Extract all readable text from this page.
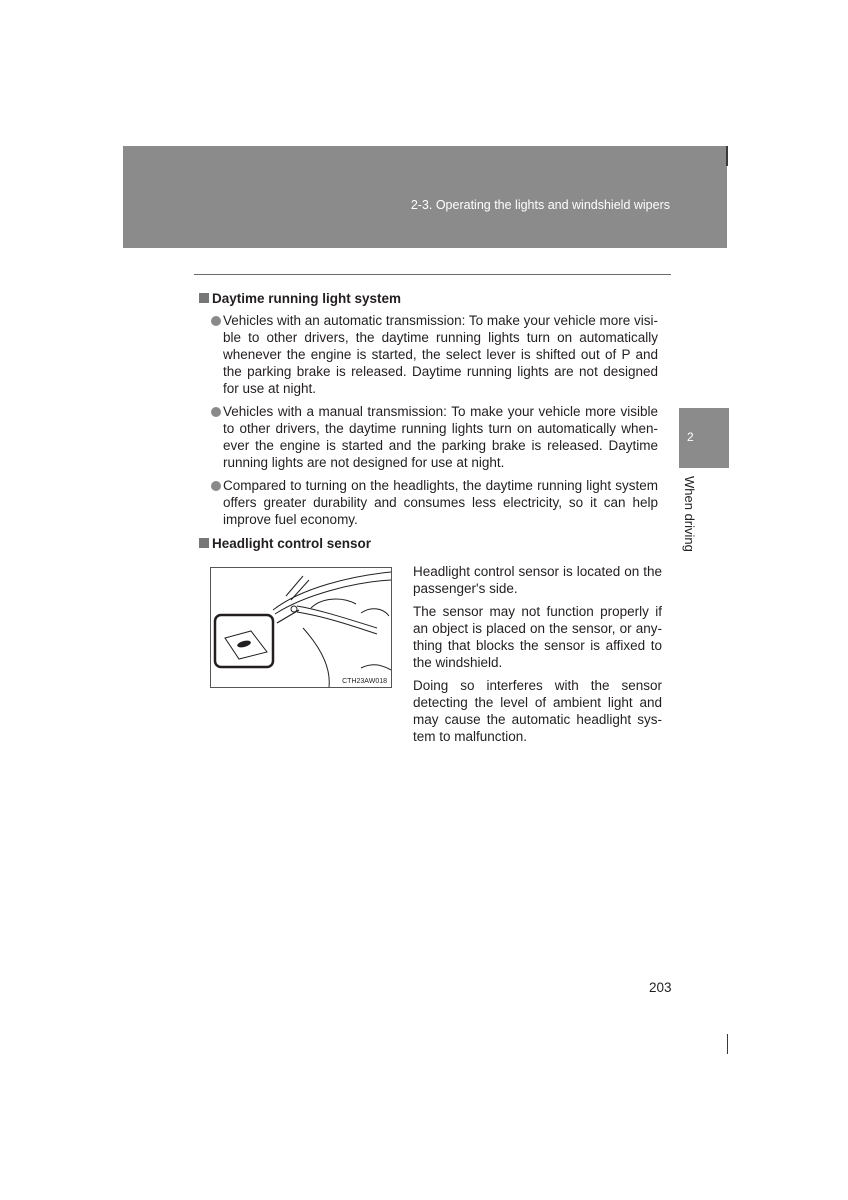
2-3. Operating the lights and windshield wipers
2
When driving
Daytime running light system
Vehicles with an automatic transmission: To make your vehicle more visi-ble to other drivers, the daytime running lights turn on automatically whenever the engine is started, the select lever is shifted out of P and the parking brake is released. Daytime running lights are not designed for use at night.
Vehicles with a manual transmission: To make your vehicle more visible to other drivers, the daytime running lights turn on automatically when-ever the engine is started and the parking brake is released. Daytime running lights are not designed for use at night.
Compared to turning on the headlights, the daytime running light system offers greater durability and consumes less electricity, so it can help improve fuel economy.
Headlight control sensor
CTH23AW018

Headlight control sensor is located on the passenger's side.

The sensor may not function properly if an object is placed on the sensor, or any-thing that blocks the sensor is affixed to the windshield.

Doing so interferes with the sensor detecting the level of ambient light and may cause the automatic headlight sys-tem to malfunction.

203
